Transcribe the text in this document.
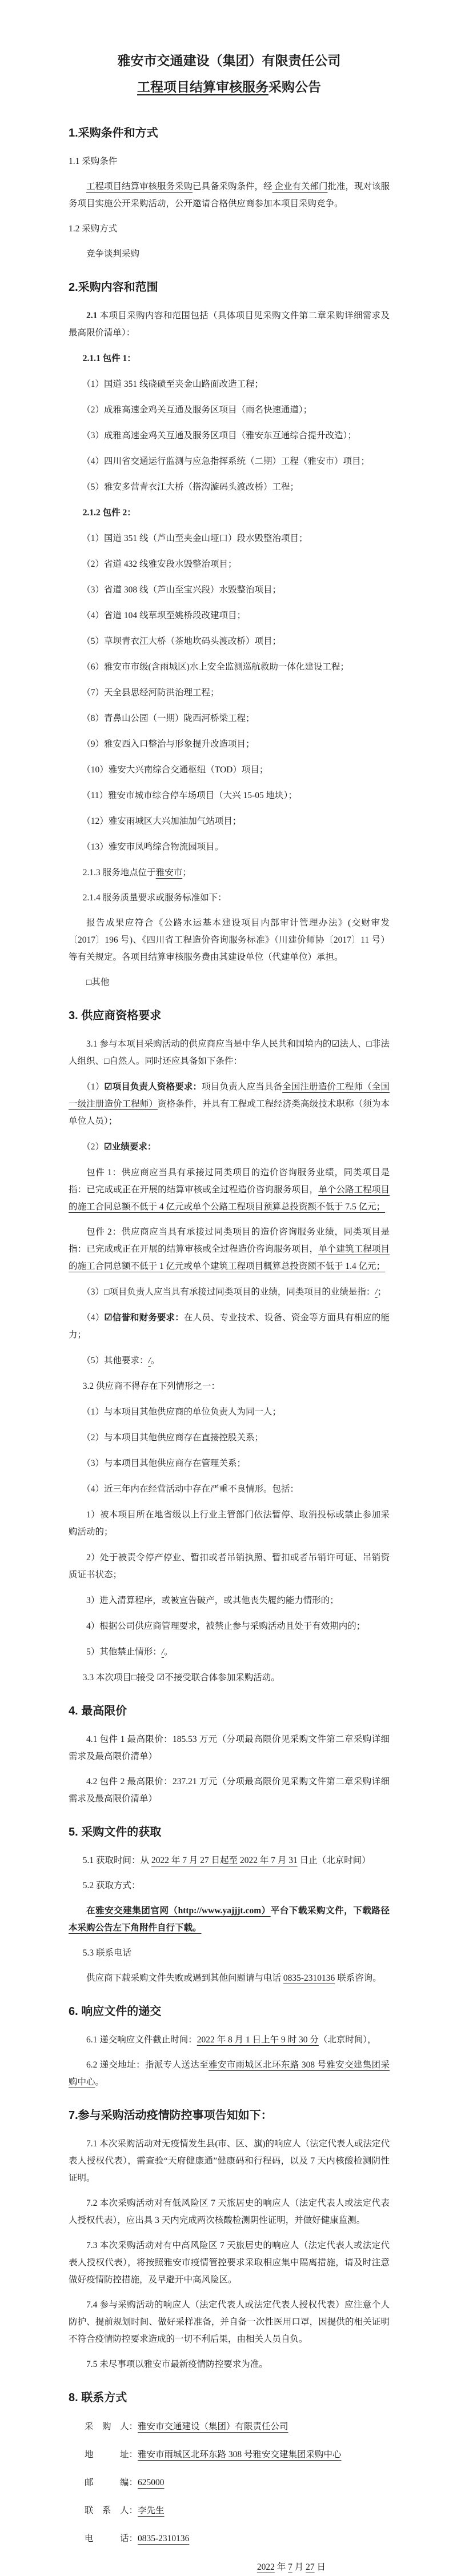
雅安市交通建设（集团）有限责任公司

工程项目结算审核服务采购公告

1.采购条件和方式

1.1 采购条件

工程项目结算审核服务采购已具备采购条件，经 企业有关部门批准，现对该服务项目实施公开采购活动，公开邀请合格供应商参加本项目采购竞争。

1.2 采购方式

竞争谈判采购

2.采购内容和范围

2.1 本项目采购内容和范围包括（具体项目见采购文件第二章采购详细需求及最高限价清单）：

2.1.1 包件 1：

（1）国道 351 线硗碛至夹金山路面改造工程；

（2）成雅高速金鸡关互通及服务区项目（雨名快速通道）；

（3）成雅高速金鸡关互通及服务区项目（雅安东互通综合提升改造）；

（4）四川省交通运行监测与应急指挥系统（二期）工程（雅安市）项目；

（5）雅安多营青衣江大桥（搭沟漩码头渡改桥）工程；

2.1.2 包件 2：

（1）国道 351 线（芦山至夹金山垭口）段水毁整治项目；

（2）省道 432 线雅安段水毁整治项目；

（3）省道 308 线（芦山至宝兴段）水毁整治项目；

（4）省道 104 线草坝至姚桥段改建项目；

（5）草坝青衣江大桥（茶地坎码头渡改桥）项目；

（6）雅安市市级(含雨城区)水上安全监测巡航救助一体化建设工程；

（7）天全县思经河防洪治理工程；

（8）青鼻山公园（一期）陇西河桥梁工程；

（9）雅安西入口整治与形象提升改造项目；

（10）雅安大兴南综合交通枢纽（TOD）项目；

（11）雅安市城市综合停车场项目（大兴 15-05 地块）；

（12）雅安雨城区大兴加油加气站项目；

（13）雅安市凤鸣综合物流园项目。

2.1.3 服务地点位于雅安市；

2.1.4 服务质量要求或服务标准如下：

报告成果应符合《公路水运基本建设项目内部审计管理办法》(交财审发〔2017〕196 号)、《四川省工程造价咨询服务标准》（川建价师协〔2017〕11 号）等有关规定。各项目结算审核服务费由其建设单位（代建单位）承担。

□其他

3. 供应商资格要求

3.1 参与本项目采购活动的供应商应当是中华人民共和国境内的☑法人、□非法人组织、□自然人。同时还应具备如下条件：

（1）☑项目负责人资格要求：项目负责人应当具备全国注册造价工程师（全国一级注册造价工程师）资格条件，并具有工程或工程经济类高级技术职称（须为本单位人员）；

（2）☑业绩要求：

包件 1：供应商应当具有承接过同类项目的造价咨询服务业绩，同类项目是指：已完成或正在开展的结算审核或全过程造价咨询服务项目，单个公路工程项目的施工合同总额不低于 4 亿元或单个公路工程项目预算总投资额不低于 7.5 亿元；

包件 2：供应商应当具有承接过同类项目的造价咨询服务业绩，同类项目是指：已完成或正在开展的结算审核或全过程造价咨询服务项目，单个建筑工程项目的施工合同总额不低于 1 亿元或单个建筑工程项目概算总投资额不低于 1.4 亿元；

（3）□项目负责人应当具有承接过同类项目的业绩，同类项目的业绩是指：/；

（4）☑信誉和财务要求：在人员、专业技术、设备、资金等方面具有相应的能力；

（5）其他要求：/。

3.2 供应商不得存在下列情形之一：

（1）与本项目其他供应商的单位负责人为同一人；

（2）与本项目其他供应商存在直接控股关系；

（3）与本项目其他供应商存在管理关系；

（4）近三年内在经营活动中存在严重不良情形。包括：

1）被本项目所在地省级以上行业主管部门依法暂停、取消投标或禁止参加采购活动的；

2）处于被责令停产停业、暂扣或者吊销执照、暂扣或者吊销许可证、吊销资质证书状态；

3）进入清算程序，或被宣告破产，或其他丧失履约能力情形的；

4）根据公司供应商管理要求，被禁止参与采购活动且处于有效期内的；

5）其他禁止情形：/。

3.3 本次项目□接受 ☑不接受联合体参加采购活动。

4. 最高限价

4.1 包件 1 最高限价：185.53 万元（分项最高限价见采购文件第二章采购详细需求及最高限价清单）

4.2 包件 2 最高限价：237.21 万元（分项最高限价见采购文件第二章采购详细需求及最高限价清单）

5. 采购文件的获取

5.1 获取时间：从 2022 年 7 月 27 日起至 2022 年 7 月 31 日止（北京时间）

5.2 获取方式：

在雅安交建集团官网（http://www.yajjjt.com）平台下载采购文件，下载路径本采购公告左下角附件自行下载。

5.3 联系电话

供应商下载采购文件失败或遇到其他问题请与电话 0835-2310136 联系咨询。

6. 响应文件的递交

6.1 递交响应文件截止时间：2022 年 8 月 1 日上午 9 时 30 分（北京时间），

6.2 递交地址：指派专人送达至雅安市雨城区北环东路 308 号雅安交建集团采购中心。

7.参与采购活动疫情防控事项告知如下：

7.1 本次采购活动对无疫情发生县(市、区、旗)的响应人（法定代表人或法定代表人授权代表），需查验“天府健康通”健康码和行程码，以及 7 天内核酸检测阴性证明。

7.2 本次采购活动对有低风险区 7 天旅居史的响应人（法定代表人或法定代表人授权代表），应出具 3 天内完成两次核酸检测阴性证明，并做好健康监测。

7.3 本次采购活动对有中高风险区 7 天旅居史的响应人（法定代表人或法定代表人授权代表），将按照雅安市疫情管控要求采取相应集中隔离措施，请及时注意做好疫情防控措施，及早避开中高风险区。

7.4 参与采购活动的响应人（法定代表人或法定代表人授权代表）应注意个人防护、提前规划时间、做好采样准备，并自备一次性医用口罩，因提供的相关证明不符合疫情防控要求造成的一切不利后果，由相关人员自负。

7.5 未尽事项以雅安市最新疫情防控要求为准。

8. 联系方式

采　购　人：雅安市交通建设（集团）有限责任公司

地　　　址：雅安市雨城区北环东路 308 号雅安交建集团采购中心

邮　　　编：625000

联　系　人：李先生

电　　　话：0835-2310136

2022 年 7 月 27 日
